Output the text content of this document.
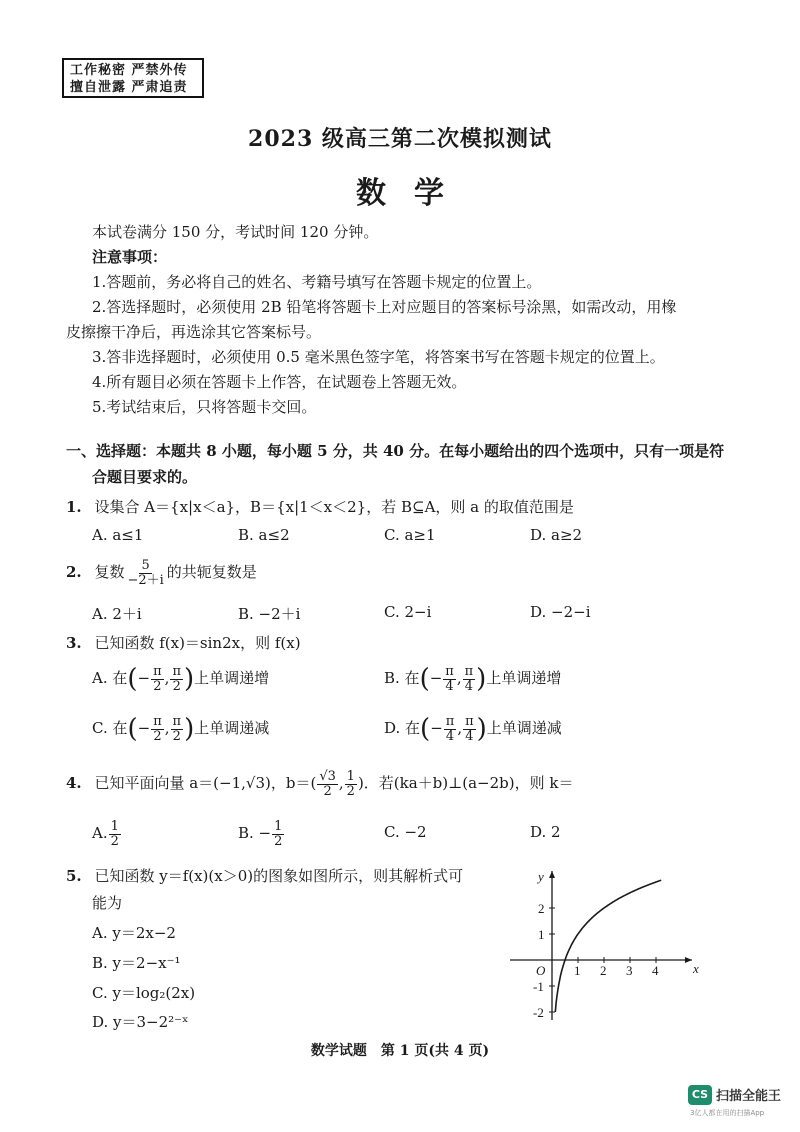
工作秘密 严禁外传
擅自泄露 严肃追责
2023 级高三第二次模拟测试
数学
本试卷满分 150 分，考试时间 120 分钟。
注意事项：
1.答题前，务必将自己的姓名、考籍号填写在答题卡规定的位置上。
2.答选择题时，必须使用 2B 铅笔将答题卡上对应题目的答案标号涂黑，如需改动，用橡
皮擦擦干净后，再选涂其它答案标号。
3.答非选择题时，必须使用 0.5 毫米黑色签字笔，将答案书写在答题卡规定的位置上。
4.所有题目必须在答题卡上作答，在试题卷上答题无效。
5.考试结束后，只将答题卡交回。
一、选择题：本题共 8 小题，每小题 5 分，共 40 分。在每小题给出的四个选项中，只有一项是符
合题目要求的。
1. 设集合 A＝{x|x＜a}，B＝{x|1＜x＜2}，若 B⊆A，则 a 的取值范围是
A. a≤1	B. a≤2	C. a≥1	D. a≥2
2. 复数 $\frac{5}{-2+i}$ 的共轭复数是
A. 2＋i	B. −2＋i	C. 2−i	D. −2−i
3. 已知函数 f(x)＝sin2x，则 f(x)
A. 在(− $\frac{\pi}{2}$ , $\frac{\pi}{2}$ )上单调递增	B. 在(− $\frac{\pi}{4}$ , $\frac{\pi}{4}$ )上单调递增
C. 在(− $\frac{\pi}{2}$ , $\frac{\pi}{2}$ )上单调递减	D. 在(− $\frac{\pi}{4}$ , $\frac{\pi}{4}$ )上单调递减
4. 已知平面向量 a＝(−1,√3)，$b=( \frac{√3}{2}$ , $\frac{1}{2}$ )．若(ka＋b)⊥(a−2b)，则 k＝
A. $\frac{1}{2}$	B. − $\frac{1}{2}$	C. −2	D. 2
5. 已知函数 y＝f(x)(x＞0)的图象如图所示，则其解析式可
能为
A. y＝2x−2
B. y＝2−x⁻¹
C. y＝log₂(2x)
D. y＝3−2²⁻ˣ
x
y
O 1 2 3 4
2
1
-1
-2
数学试题　第 1 页(共 4 页)
CS 扫描全能王
3亿人都在用的扫描App
